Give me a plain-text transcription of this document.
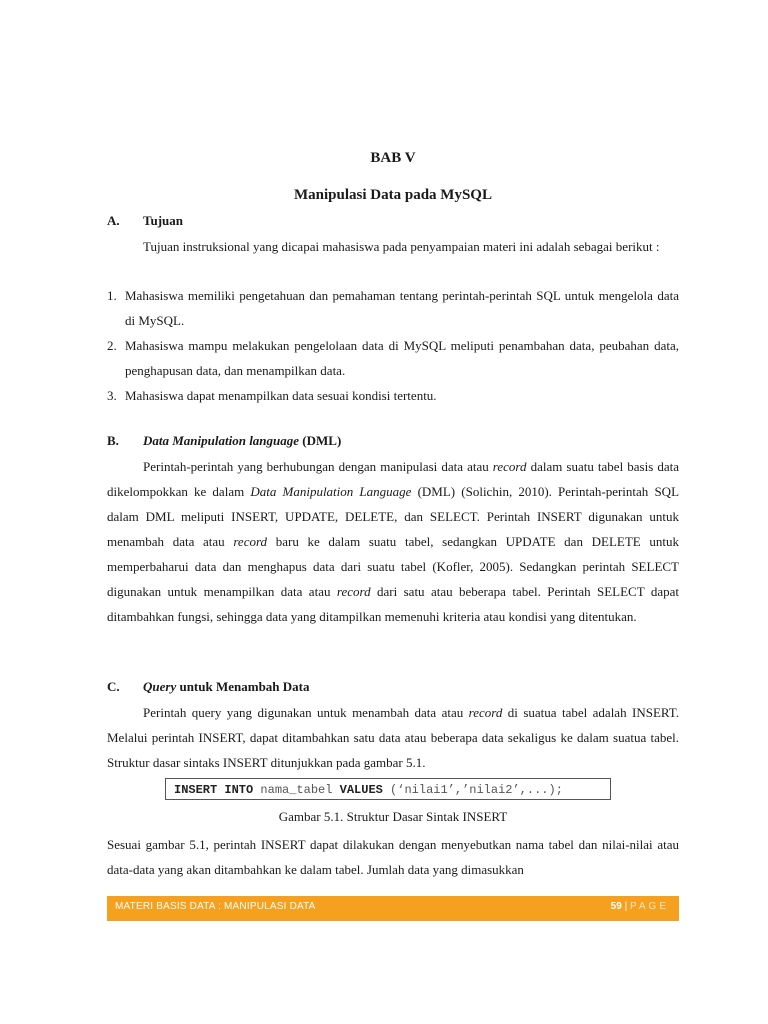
BAB V
Manipulasi Data pada MySQL
A. Tujuan
Tujuan instruksional yang dicapai mahasiswa pada penyampaian materi ini adalah sebagai berikut :
1. Mahasiswa memiliki pengetahuan dan pemahaman tentang perintah-perintah SQL untuk mengelola data di MySQL.
2. Mahasiswa mampu melakukan pengelolaan data di MySQL meliputi penambahan data, peubahan data, penghapusan data, dan menampilkan data.
3. Mahasiswa dapat menampilkan data sesuai kondisi tertentu.
B. Data Manipulation language (DML)
Perintah-perintah yang berhubungan dengan manipulasi data atau record dalam suatu tabel basis data dikelompokkan ke dalam Data Manipulation Language (DML) (Solichin, 2010). Perintah-perintah SQL dalam DML meliputi INSERT, UPDATE, DELETE, dan SELECT. Perintah INSERT digunakan untuk menambah data atau record baru ke dalam suatu tabel, sedangkan UPDATE dan DELETE untuk memperbaharui data dan menghapus data dari suatu tabel (Kofler, 2005). Sedangkan perintah SELECT digunakan untuk menampilkan data atau record dari satu atau beberapa tabel. Perintah SELECT dapat ditambahkan fungsi, sehingga data yang ditampilkan memenuhi kriteria atau kondisi yang ditentukan.
C. Query untuk Menambah Data
Perintah query yang digunakan untuk menambah data atau record di suatua tabel adalah INSERT. Melalui perintah INSERT, dapat ditambahkan satu data atau beberapa data sekaligus ke dalam suatua tabel. Struktur dasar sintaks INSERT ditunjukkan pada gambar 5.1.
INSERT INTO nama_tabel VALUES (‘nilai1’,’nilai2’,...);
Gambar 5.1. Struktur Dasar Sintak INSERT
Sesuai gambar 5.1, perintah INSERT dapat dilakukan dengan menyebutkan nama tabel dan nilai-nilai atau data-data yang akan ditambahkan ke dalam tabel. Jumlah data yang dimasukkan
MATERI BASIS DATA : MANIPULASI DATA	59 | PAGE
